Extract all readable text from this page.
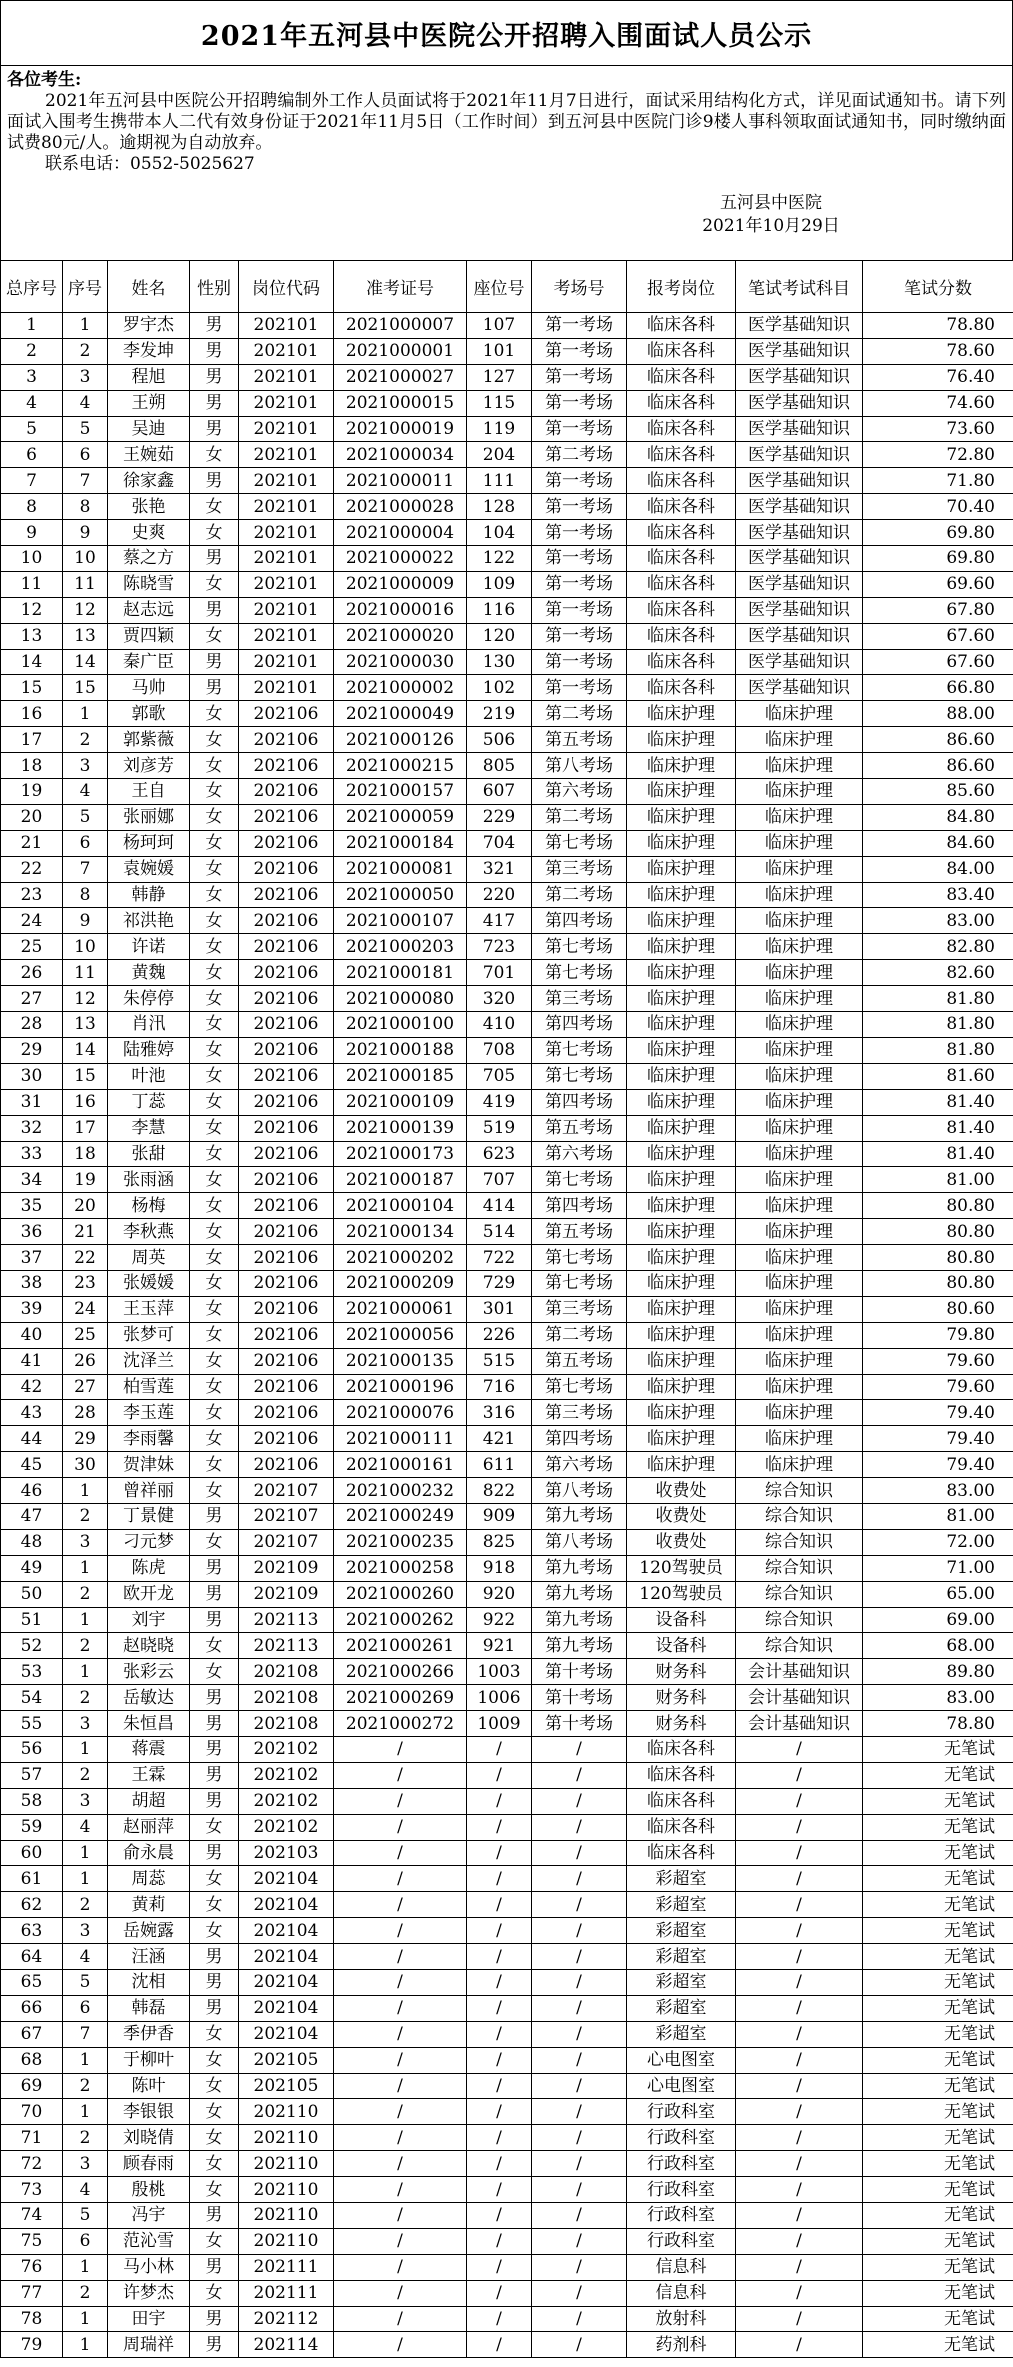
2021年五河县中医院公开招聘入围面试人员公示
各位考生:
2021年五河县中医院公开招聘编制外工作人员面试将于2021年11月7日进行，面试采用结构化方式，详见面试通知书。请下列面试入围考生携带本人二代有效身份证于2021年11月5日（工作时间）到五河县中医院门诊9楼人事科领取面试通知书，同时缴纳面试费80元/人。逾期视为自动放弃。
联系电话：0552-5025627
五河县中医院
2021年10月29日
总序号	序号	姓名	性别	岗位代码	准考证号	座位号	考场号	报考岗位	笔试考试科目	笔试分数
1	1	罗宇杰	男	202101	2021000007	107	第一考场	临床各科	医学基础知识	78.80
2	2	李发坤	男	202101	2021000001	101	第一考场	临床各科	医学基础知识	78.60
3	3	程旭	男	202101	2021000027	127	第一考场	临床各科	医学基础知识	76.40
4	4	王朔	男	202101	2021000015	115	第一考场	临床各科	医学基础知识	74.60
5	5	吴迪	男	202101	2021000019	119	第一考场	临床各科	医学基础知识	73.60
6	6	王婉茹	女	202101	2021000034	204	第二考场	临床各科	医学基础知识	72.80
7	7	徐家鑫	男	202101	2021000011	111	第一考场	临床各科	医学基础知识	71.80
8	8	张艳	女	202101	2021000028	128	第一考场	临床各科	医学基础知识	70.40
9	9	史爽	女	202101	2021000004	104	第一考场	临床各科	医学基础知识	69.80
10	10	蔡之方	男	202101	2021000022	122	第一考场	临床各科	医学基础知识	69.80
11	11	陈晓雪	女	202101	2021000009	109	第一考场	临床各科	医学基础知识	69.60
12	12	赵志远	男	202101	2021000016	116	第一考场	临床各科	医学基础知识	67.80
13	13	贾四颖	女	202101	2021000020	120	第一考场	临床各科	医学基础知识	67.60
14	14	秦广臣	男	202101	2021000030	130	第一考场	临床各科	医学基础知识	67.60
15	15	马帅	男	202101	2021000002	102	第一考场	临床各科	医学基础知识	66.80
16	1	郭歌	女	202106	2021000049	219	第二考场	临床护理	临床护理	88.00
17	2	郭紫薇	女	202106	2021000126	506	第五考场	临床护理	临床护理	86.60
18	3	刘彦芳	女	202106	2021000215	805	第八考场	临床护理	临床护理	86.60
19	4	王自	女	202106	2021000157	607	第六考场	临床护理	临床护理	85.60
20	5	张丽娜	女	202106	2021000059	229	第二考场	临床护理	临床护理	84.80
21	6	杨珂珂	女	202106	2021000184	704	第七考场	临床护理	临床护理	84.60
22	7	袁婉媛	女	202106	2021000081	321	第三考场	临床护理	临床护理	84.00
23	8	韩静	女	202106	2021000050	220	第二考场	临床护理	临床护理	83.40
24	9	祁洪艳	女	202106	2021000107	417	第四考场	临床护理	临床护理	83.00
25	10	许诺	女	202106	2021000203	723	第七考场	临床护理	临床护理	82.80
26	11	黄魏	女	202106	2021000181	701	第七考场	临床护理	临床护理	82.60
27	12	朱停停	女	202106	2021000080	320	第三考场	临床护理	临床护理	81.80
28	13	肖汛	女	202106	2021000100	410	第四考场	临床护理	临床护理	81.80
29	14	陆雅婷	女	202106	2021000188	708	第七考场	临床护理	临床护理	81.80
30	15	叶池	女	202106	2021000185	705	第七考场	临床护理	临床护理	81.60
31	16	丁蕊	女	202106	2021000109	419	第四考场	临床护理	临床护理	81.40
32	17	李慧	女	202106	2021000139	519	第五考场	临床护理	临床护理	81.40
33	18	张甜	女	202106	2021000173	623	第六考场	临床护理	临床护理	81.40
34	19	张雨涵	女	202106	2021000187	707	第七考场	临床护理	临床护理	81.00
35	20	杨梅	女	202106	2021000104	414	第四考场	临床护理	临床护理	80.80
36	21	李秋燕	女	202106	2021000134	514	第五考场	临床护理	临床护理	80.80
37	22	周英	女	202106	2021000202	722	第七考场	临床护理	临床护理	80.80
38	23	张媛媛	女	202106	2021000209	729	第七考场	临床护理	临床护理	80.80
39	24	王玉萍	女	202106	2021000061	301	第三考场	临床护理	临床护理	80.60
40	25	张梦可	女	202106	2021000056	226	第二考场	临床护理	临床护理	79.80
41	26	沈泽兰	女	202106	2021000135	515	第五考场	临床护理	临床护理	79.60
42	27	柏雪莲	女	202106	2021000196	716	第七考场	临床护理	临床护理	79.60
43	28	李玉莲	女	202106	2021000076	316	第三考场	临床护理	临床护理	79.40
44	29	李雨馨	女	202106	2021000111	421	第四考场	临床护理	临床护理	79.40
45	30	贺津妹	女	202106	2021000161	611	第六考场	临床护理	临床护理	79.40
46	1	曾祥丽	女	202107	2021000232	822	第八考场	收费处	综合知识	83.00
47	2	丁景健	男	202107	2021000249	909	第九考场	收费处	综合知识	81.00
48	3	刁元梦	女	202107	2021000235	825	第八考场	收费处	综合知识	72.00
49	1	陈虎	男	202109	2021000258	918	第九考场	120驾驶员	综合知识	71.00
50	2	欧开龙	男	202109	2021000260	920	第九考场	120驾驶员	综合知识	65.00
51	1	刘宇	男	202113	2021000262	922	第九考场	设备科	综合知识	69.00
52	2	赵晓晓	女	202113	2021000261	921	第九考场	设备科	综合知识	68.00
53	1	张彩云	女	202108	2021000266	1003	第十考场	财务科	会计基础知识	89.80
54	2	岳敏达	男	202108	2021000269	1006	第十考场	财务科	会计基础知识	83.00
55	3	朱恒昌	男	202108	2021000272	1009	第十考场	财务科	会计基础知识	78.80
56	1	蒋震	男	202102	/	/	/	临床各科	/	无笔试
57	2	王霖	男	202102	/	/	/	临床各科	/	无笔试
58	3	胡超	男	202102	/	/	/	临床各科	/	无笔试
59	4	赵丽萍	女	202102	/	/	/	临床各科	/	无笔试
60	1	俞永晨	男	202103	/	/	/	临床各科	/	无笔试
61	1	周蕊	女	202104	/	/	/	彩超室	/	无笔试
62	2	黄莉	女	202104	/	/	/	彩超室	/	无笔试
63	3	岳婉露	女	202104	/	/	/	彩超室	/	无笔试
64	4	汪涵	男	202104	/	/	/	彩超室	/	无笔试
65	5	沈相	男	202104	/	/	/	彩超室	/	无笔试
66	6	韩磊	男	202104	/	/	/	彩超室	/	无笔试
67	7	季伊香	女	202104	/	/	/	彩超室	/	无笔试
68	1	于柳叶	女	202105	/	/	/	心电图室	/	无笔试
69	2	陈叶	女	202105	/	/	/	心电图室	/	无笔试
70	1	李银银	女	202110	/	/	/	行政科室	/	无笔试
71	2	刘晓倩	女	202110	/	/	/	行政科室	/	无笔试
72	3	顾春雨	女	202110	/	/	/	行政科室	/	无笔试
73	4	殷桃	女	202110	/	/	/	行政科室	/	无笔试
74	5	冯宇	男	202110	/	/	/	行政科室	/	无笔试
75	6	范沁雪	女	202110	/	/	/	行政科室	/	无笔试
76	1	马小林	男	202111	/	/	/	信息科	/	无笔试
77	2	许梦杰	女	202111	/	/	/	信息科	/	无笔试
78	1	田宇	男	202112	/	/	/	放射科	/	无笔试
79	1	周瑞祥	男	202114	/	/	/	药剂科	/	无笔试
